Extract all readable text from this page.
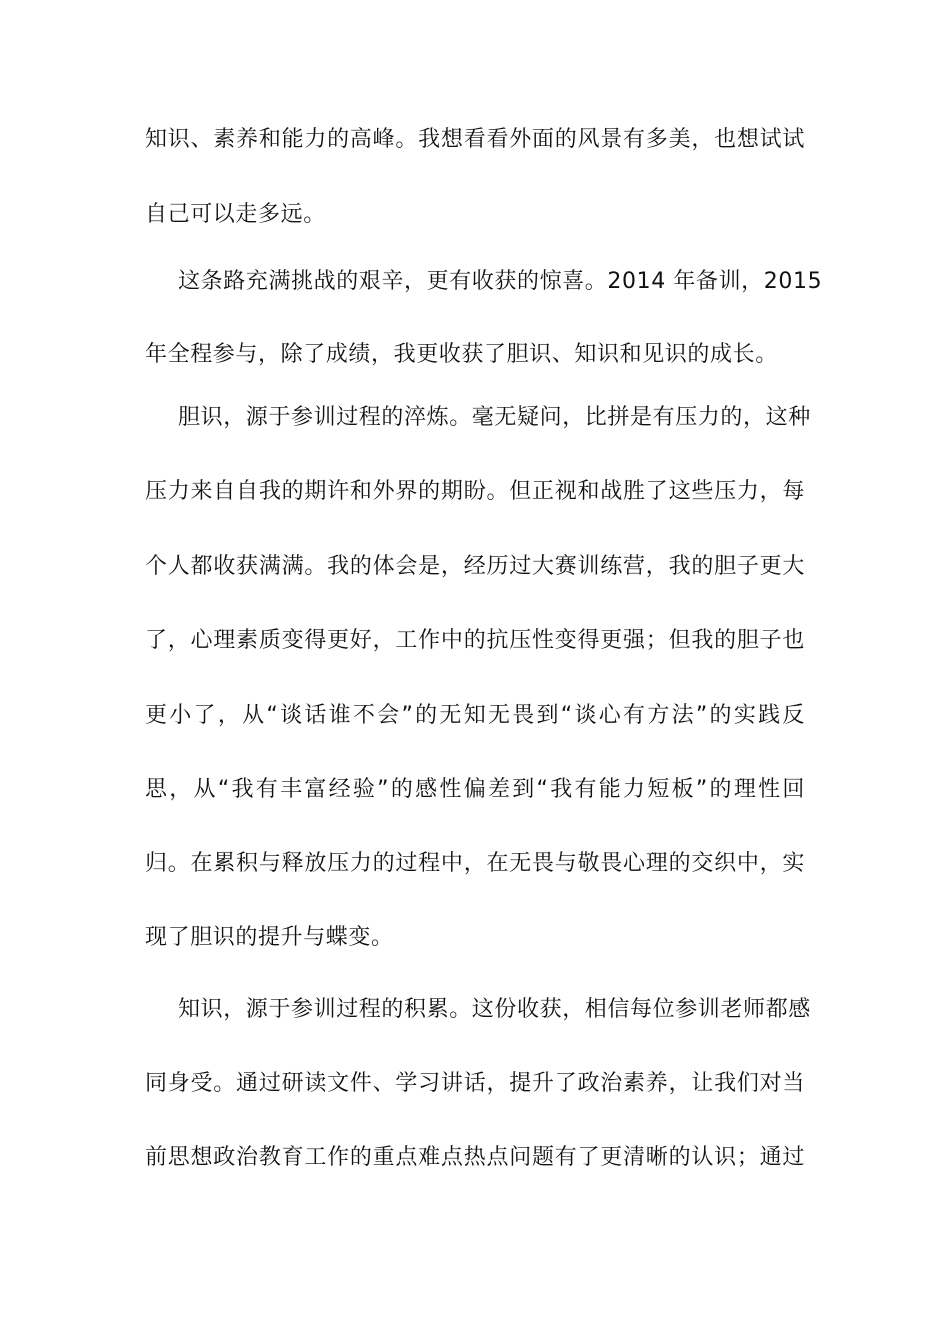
知识、素养和能力的高峰。我想看看外面的风景有多美，也想试试
自己可以走多远。
这条路充满挑战的艰辛，更有收获的惊喜。2014 年备训，2015
年全程参与，除了成绩，我更收获了胆识、知识和见识的成长。
胆识，源于参训过程的淬炼。毫无疑问，比拼是有压力的，这种
压力来自自我的期许和外界的期盼。但正视和战胜了这些压力，每
个人都收获满满。我的体会是，经历过大赛训练营，我的胆子更大
了，心理素质变得更好，工作中的抗压性变得更强；但我的胆子也
更小了，从“谈话谁不会”的无知无畏到“谈心有方法”的实践反
思，从“我有丰富经验”的感性偏差到“我有能力短板”的理性回
归。在累积与释放压力的过程中，在无畏与敬畏心理的交织中，实
现了胆识的提升与蝶变。
知识，源于参训过程的积累。这份收获，相信每位参训老师都感
同身受。通过研读文件、学习讲话，提升了政治素养，让我们对当
前思想政治教育工作的重点难点热点问题有了更清晰的认识；通过
